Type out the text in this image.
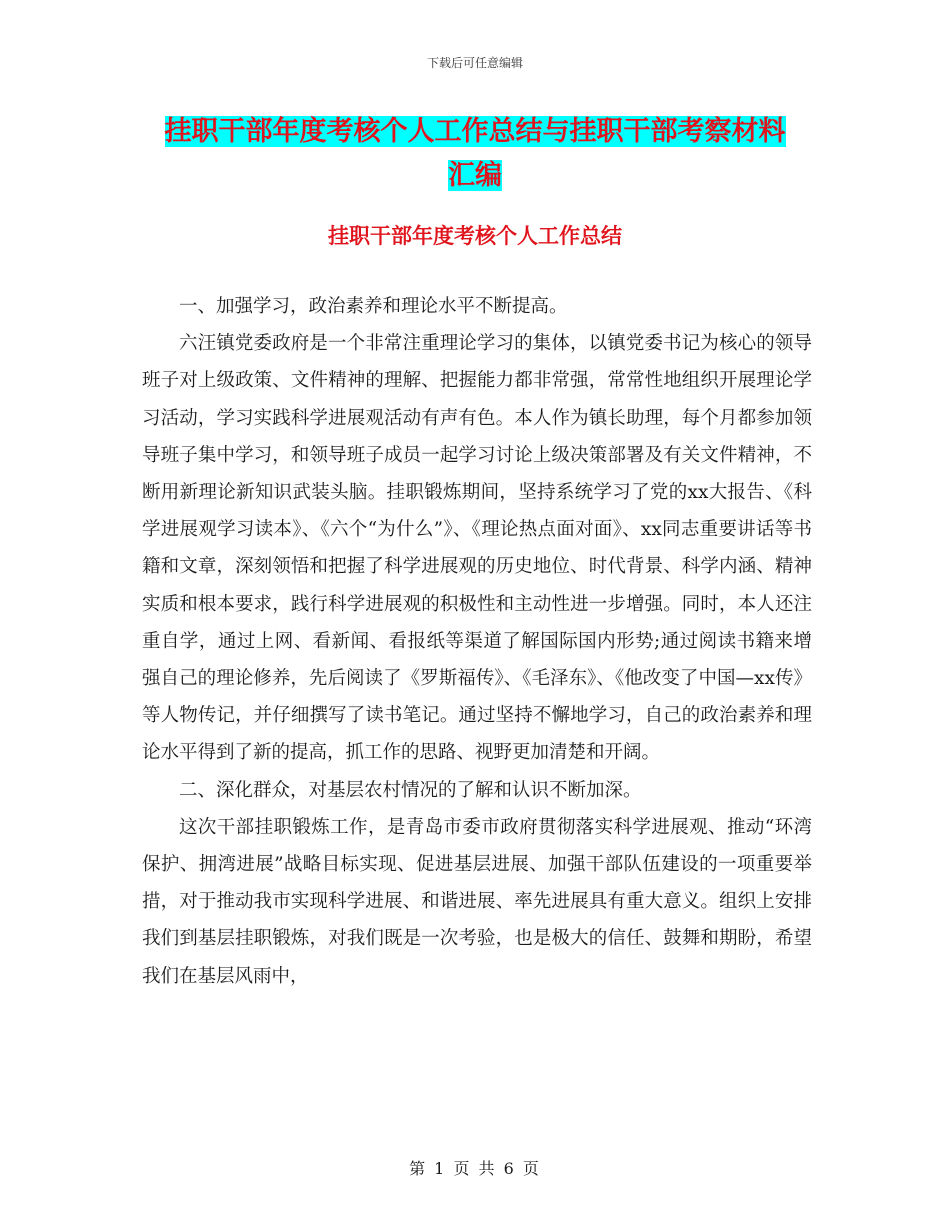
下载后可任意编辑
挂职干部年度考核个人工作总结与挂职干部考察材料
汇编
挂职干部年度考核个人工作总结

一、加强学习，政治素养和理论水平不断提高。

六汪镇党委政府是一个非常注重理论学习的集体，以镇党委书记为核心的领导班子对上级政策、文件精神的理解、把握能力都非常强，常常性地组织开展理论学习活动，学习实践科学进展观活动有声有色。本人作为镇长助理，每个月都参加领导班子集中学习，和领导班子成员一起学习讨论上级决策部署及有关文件精神，不断用新理论新知识武装头脑。挂职锻炼期间，坚持系统学习了党的xx大报告、《科学进展观学习读本》、《六个“为什么”》、《理论热点面对面》、xx同志重要讲话等书籍和文章，深刻领悟和把握了科学进展观的历史地位、时代背景、科学内涵、精神实质和根本要求，践行科学进展观的积极性和主动性进一步增强。同时，本人还注重自学，通过上网、看新闻、看报纸等渠道了解国际国内形势;通过阅读书籍来增强自己的理论修养，先后阅读了《罗斯福传》、《毛泽东》、《他改变了中国—xx传》等人物传记，并仔细撰写了读书笔记。通过坚持不懈地学习，自己的政治素养和理论水平得到了新的提高，抓工作的思路、视野更加清楚和开阔。

二、深化群众，对基层农村情况的了解和认识不断加深。

这次干部挂职锻炼工作，是青岛市委市政府贯彻落实科学进展观、推动“环湾保护、拥湾进展”战略目标实现、促进基层进展、加强干部队伍建设的一项重要举措，对于推动我市实现科学进展、和谐进展、率先进展具有重大意义。组织上安排我们到基层挂职锻炼，对我们既是一次考验，也是极大的信任、鼓舞和期盼，希望我们在基层风雨中，

第 1 页 共 6 页
